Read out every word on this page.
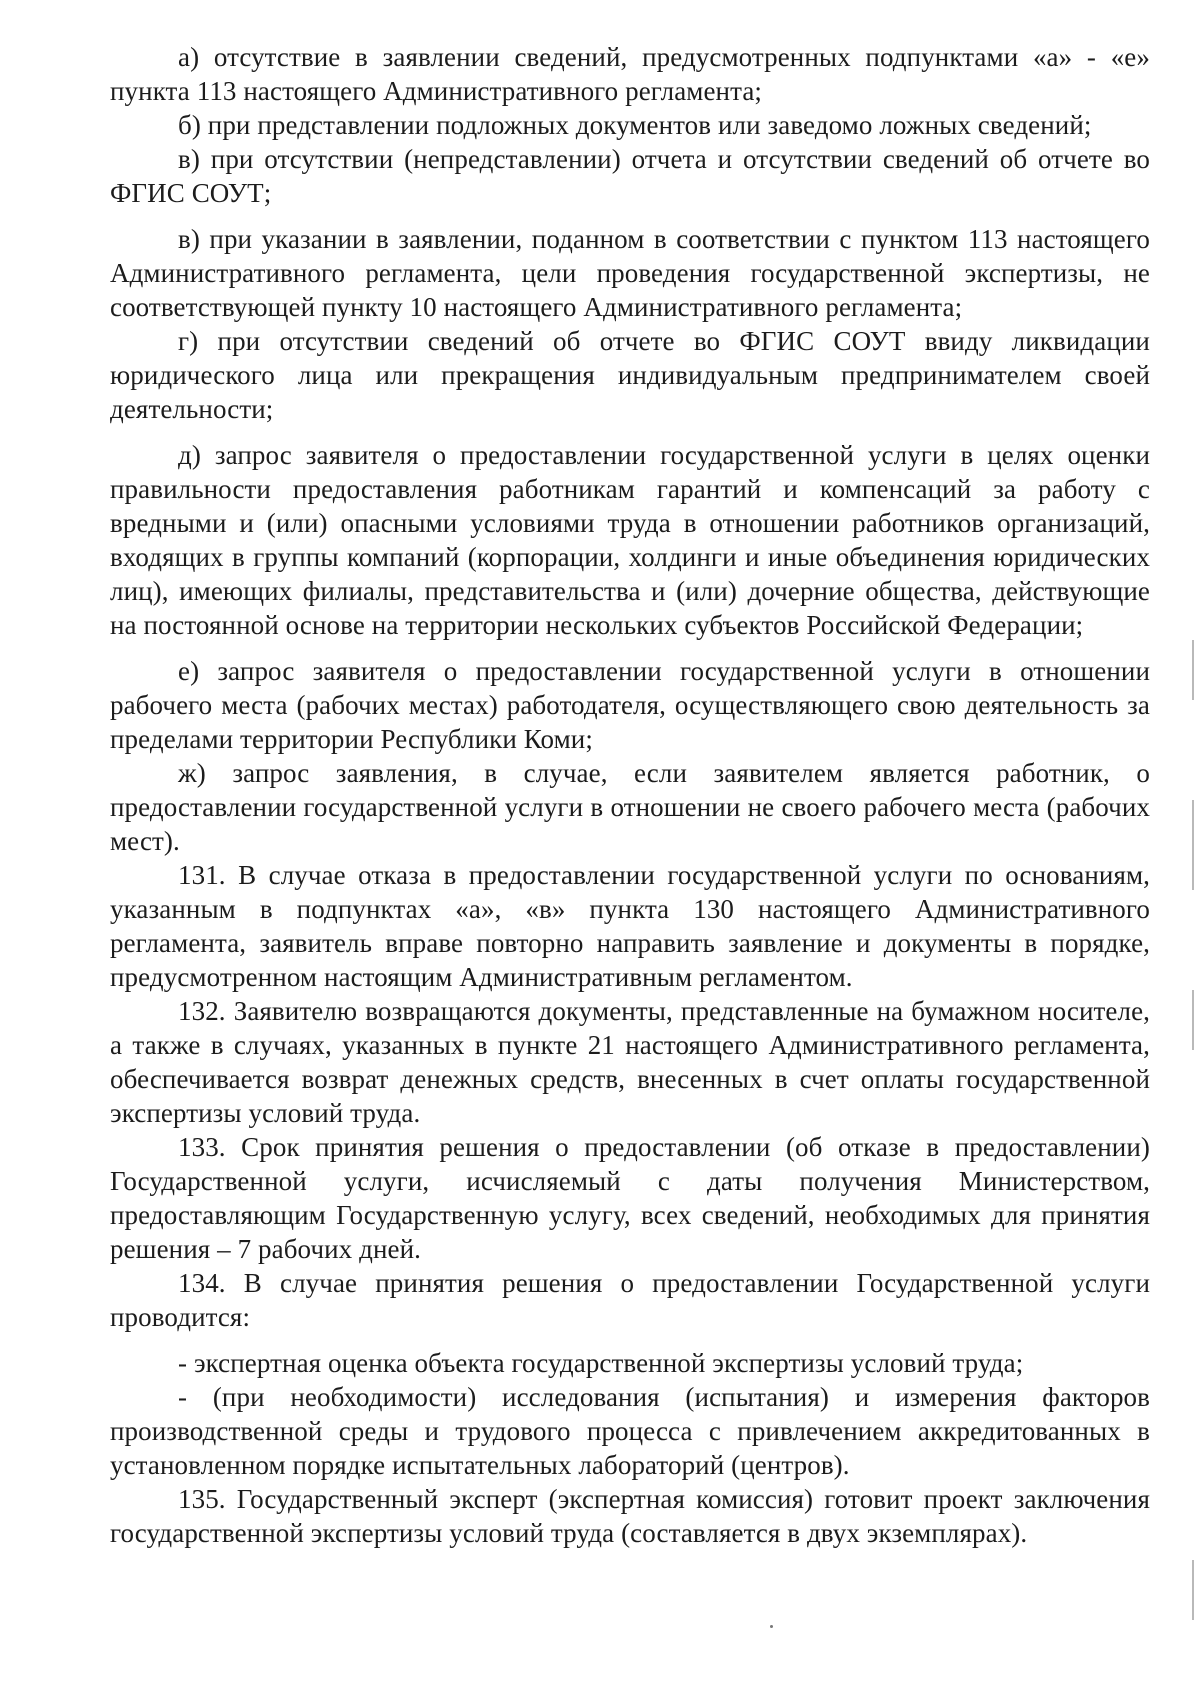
а) отсутствие в заявлении сведений, предусмотренных подпунктами «а» - «е» пункта 113 настоящего Административного регламента;

б) при представлении подложных документов или заведомо ложных сведений;

в) при отсутствии (непредставлении) отчета и отсутствии сведений об отчете во ФГИС СОУТ;

в) при указании в заявлении, поданном в соответствии с пунктом 113 настоящего Административного регламента, цели проведения государственной экспертизы, не соответствующей пункту 10 настоящего Административного регламента;

г) при отсутствии сведений об отчете во ФГИС СОУТ ввиду ликвидации юридического лица или прекращения индивидуальным предпринимателем своей деятельности;

д) запрос заявителя о предоставлении государственной услуги в целях оценки правильности предоставления работникам гарантий и компенсаций за работу с вредными и (или) опасными условиями труда в отношении работников организаций, входящих в группы компаний (корпорации, холдинги и иные объединения юридических лиц), имеющих филиалы, представительства и (или) дочерние общества, действующие на постоянной основе на территории нескольких субъектов Российской Федерации;

е) запрос заявителя о предоставлении государственной услуги в отношении рабочего места (рабочих местах) работодателя, осуществляющего свою деятельность за пределами территории Республики Коми;

ж) запрос заявления, в случае, если заявителем является работник, о предоставлении государственной услуги в отношении не своего рабочего места (рабочих мест).

131. В случае отказа в предоставлении государственной услуги по основаниям, указанным в подпунктах «а», «в» пункта 130 настоящего Административного регламента, заявитель вправе повторно направить заявление и документы в порядке, предусмотренном настоящим Административным регламентом.

132. Заявителю возвращаются документы, представленные на бумажном носителе, а также в случаях, указанных в пункте 21 настоящего Административного регламента, обеспечивается возврат денежных средств, внесенных в счет оплаты государственной экспертизы условий труда.

133. Срок принятия решения о предоставлении (об отказе в предоставлении) Государственной услуги, исчисляемый с даты получения Министерством, предоставляющим Государственную услугу, всех сведений, необходимых для принятия решения – 7 рабочих дней.

134. В случае принятия решения о предоставлении Государственной услуги проводится:

- экспертная оценка объекта государственной экспертизы условий труда;

- (при необходимости) исследования (испытания) и измерения факторов производственной среды и трудового процесса с привлечением аккредитованных в установленном порядке испытательных лабораторий (центров).

135. Государственный эксперт (экспертная комиссия) готовит проект заключения государственной экспертизы условий труда (составляется в двух экземплярах).
